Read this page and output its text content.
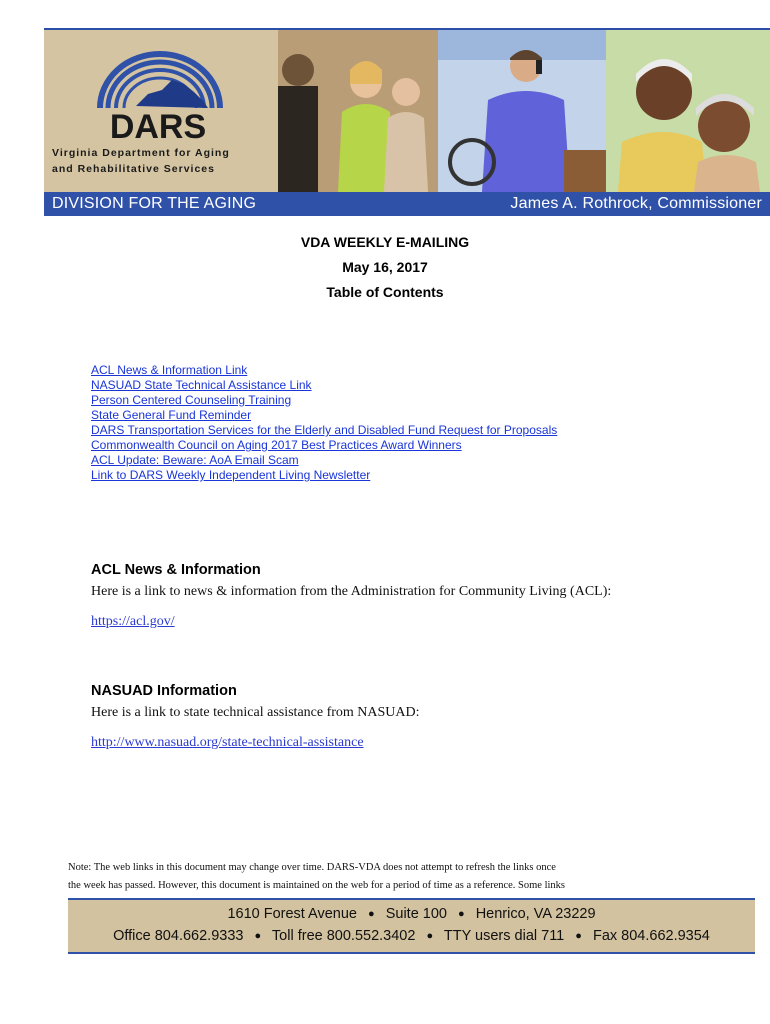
DARS
Virginia Department for Aging
and Rehabilitative Services
DIVISION FOR THE AGING	James A. Rothrock, Commissioner
VDA WEEKLY E-MAILING
May 16, 2017
Table of Contents
ACL News & Information Link
NASUAD State Technical Assistance Link
Person Centered Counseling Training
State General Fund Reminder
DARS Transportation Services for the Elderly and Disabled Fund Request for Proposals
Commonwealth Council on Aging 2017 Best Practices Award Winners
ACL Update: Beware: AoA Email Scam
Link to DARS Weekly Independent Living Newsletter
ACL News & Information

Here is a link to news & information from the Administration for Community Living (ACL):

https://acl.gov/
NASUAD Information

Here is a link to state technical assistance from NASUAD:

http://www.nasuad.org/state-technical-assistance
Note: The web links in this document may change over time. DARS-VDA does not attempt to refresh the links once
the week has passed. However, this document is maintained on the web for a period of time as a reference. Some links
1610 Forest Avenue ● Suite 100 ● Henrico, VA 23229
Office 804.662.9333 ● Toll free 800.552.3402 ● TTY users dial 711 ● Fax 804.662.9354
